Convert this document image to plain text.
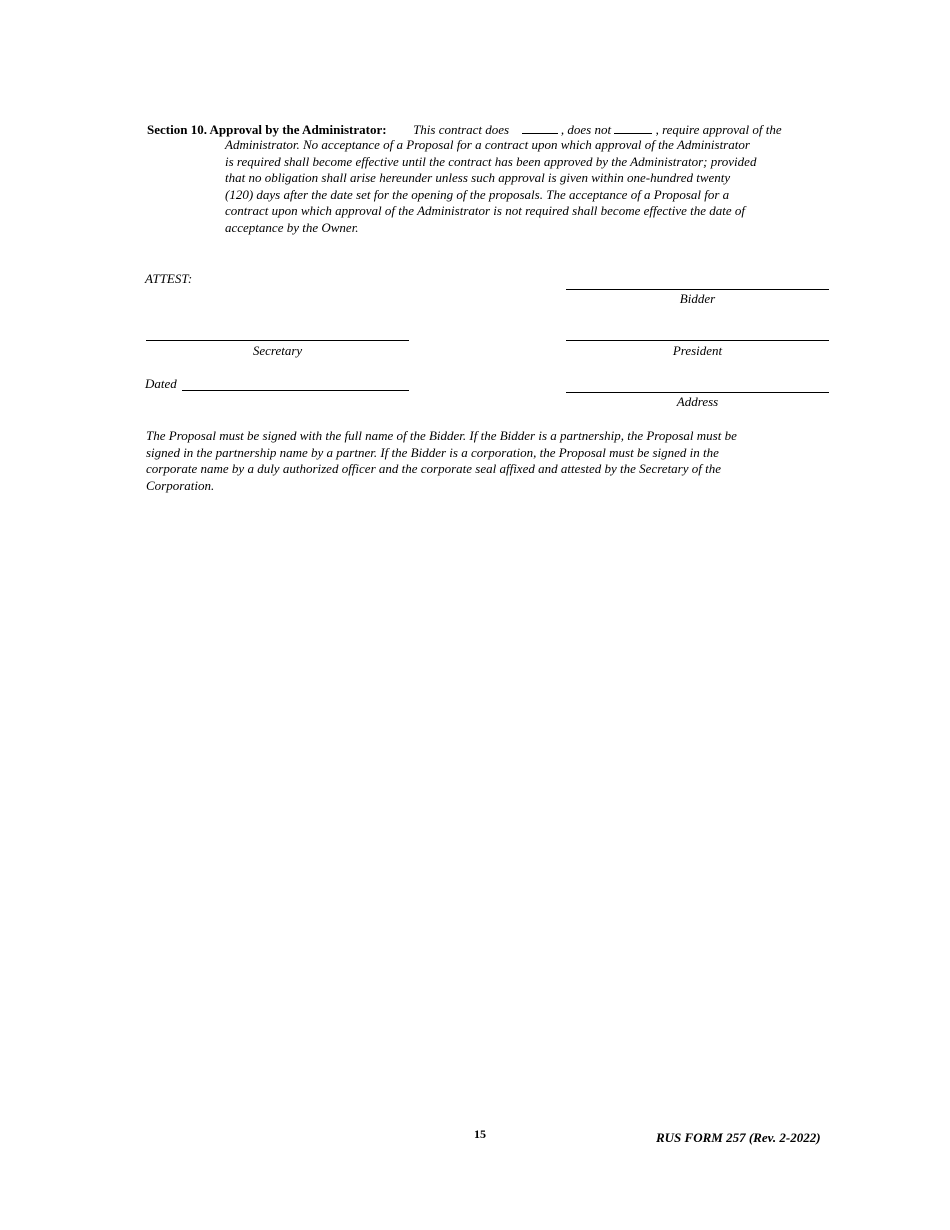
Section 10. Approval by the Administrator: This contract does	, does not	, require approval of the
Administrator. No acceptance of a Proposal for a contract upon which approval of the Administrator
is required shall become effective until the contract has been approved by the Administrator; provided
that no obligation shall arise hereunder unless such approval is given within one-hundred twenty
(120) days after the date set for the opening of the proposals. The acceptance of a Proposal for a
contract upon which approval of the Administrator is not required shall become effective the date of
acceptance by the Owner.
ATTEST:
Bidder
Secretary	President
Dated
Address
The Proposal must be signed with the full name of the Bidder. If the Bidder is a partnership, the Proposal must be
signed in the partnership name by a partner. If the Bidder is a corporation, the Proposal must be signed in the
corporate name by a duly authorized officer and the corporate seal affixed and attested by the Secretary of the
Corporation.
15	RUS FORM 257 (Rev. 2-2022)
